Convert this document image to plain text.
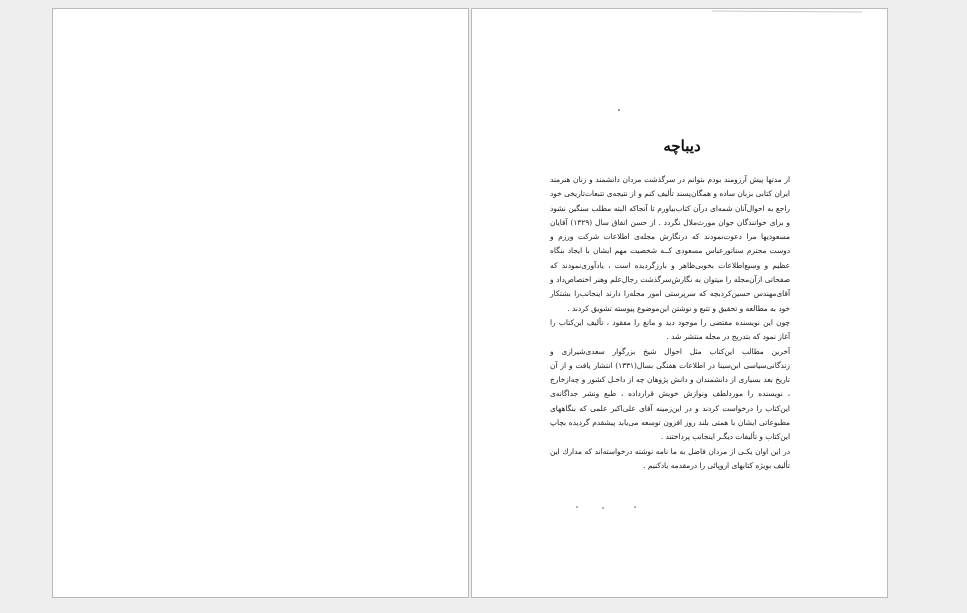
دیباچه

از مدتها پیش آرزومند بودم بتوانم در سرگذشت مردان دانشمند و زنان هنرمند ایران کتابی بزبان ساده و همگان‌پسند تألیف کنم و از نتیجه‌ی تتبعات‌تاریخی خود راجع به احوال‌آنان شمه‌ای درآن کتاب‌بیاورم تا آنجاکه البته مطلب سنگین نشود و برای خوانندگان جوان مورث‌ملال نگردد . از حسن اتفاق سال (۱۳۲۹) آقایان مسعودیها مرا دعوت‌نمودند که درنگارش مجله‌ی اطلاعات شرکت ورزم و دوست محترم سناتورعباس مسعودی کــه شخصیت مهم ایشان با ایجاد بنگاه عظیم و وسیع‌اطلاعات بخوبی‌ظاهر و بارزگردیده است ، یادآوری‌نمودند که صفحاتی ازآن‌مجله را میتوان به نگارش‌سرگذشت رجال‌علم وهنر اختصاص‌داد و آقای‌مهندس حسین‌کردبچه که سرپرستی امور مجله‌را دارند اینجانب‌را بشتکار خود به مطالعه و تحقیق و تتبع و نوشتن این‌موضوع پیوسته تشویق کردند .

چون این نویسنده مقتضی را موجود دید و مانع را مفقود ، تألیف این‌کتاب را آغاز نمود که بتدریج در مجله منتشر شد .

آخرین مطالب این‌کتاب مثل احوال شیخ بزرگوار سعدی‌شیرازی و زندگانی‌سیاسی ابن‌سینا در اطلاعات هفتگی بسال(۱۳۳۱) انتشار یافت و از آن تاریخ بعد بسیاری از دانشمندان و دانش پژوهان چه از داخـل کشور و چه‌ازخارج ، نویسنده را موردلطف ونوازش خویش قرارداده ، طبع ونشر جداگانه‌ی این‌کتاب را درخواست کردند و در این‌زمینه آقای علی‌اکبر علمی که بنگاههای مطبوعاتی ایشان با همتی بلند روز افزون توسعه می‌یابد پیشقدم گردیده بچاپ این‌کتاب و تألیفات دیگـر اینجانب پرداختند .

در این اوان یکـی از مردان فاضل به ما نامه نوشته درخواسته‌اند که مدارك این تألیف بویژه کتابهای اروپائی را درمقدمه یادکنیم .
